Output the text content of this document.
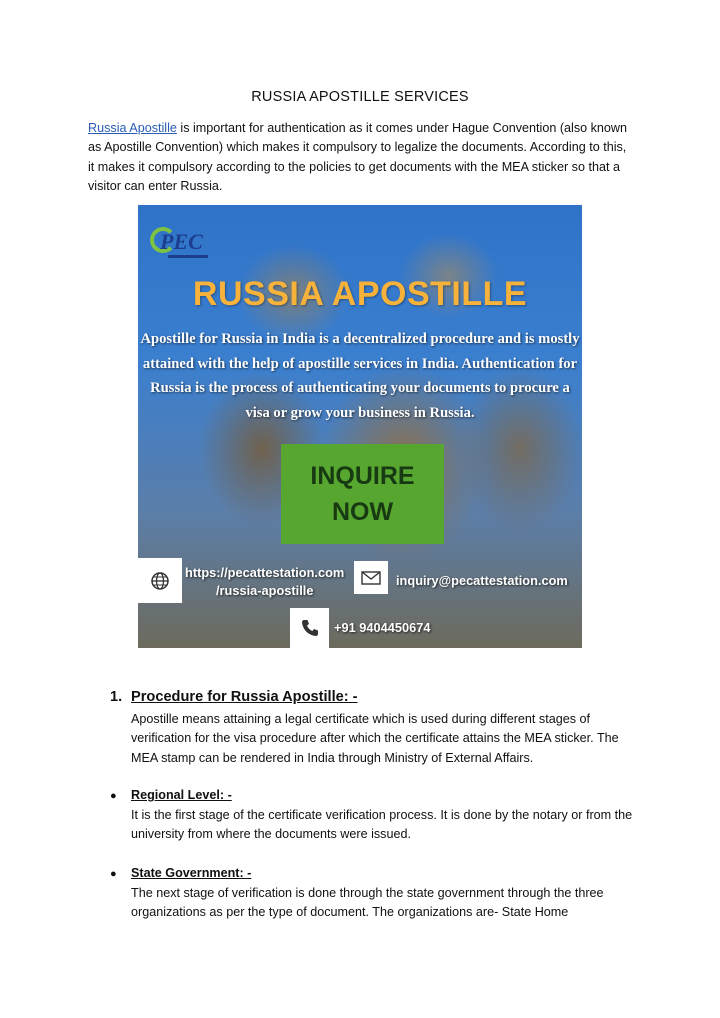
RUSSIA APOSTILLE SERVICES
Russia Apostille is important for authentication as it comes under Hague Convention (also known as Apostille Convention) which makes it compulsory to legalize the documents. According to this, it makes it compulsory according to the policies to get documents with the MEA sticker so that a visitor can enter Russia.
PEC
RUSSIA APOSTILLE
Apostille for Russia in India is a decentralized procedure and is mostly attained with the help of apostille services in India. Authentication for Russia is the process of authenticating your documents to procure a visa or grow your business in Russia.
INQUIRE
NOW
https://pecattestation.com
/russia-apostille
inquiry@pecattestation.com
+91 9404450674
1. Procedure for Russia Apostille: -
Apostille means attaining a legal certificate which is used during different stages of verification for the visa procedure after which the certificate attains the MEA sticker. The MEA stamp can be rendered in India through Ministry of External Affairs.
● Regional Level: -
It is the first stage of the certificate verification process. It is done by the notary or from the university from where the documents were issued.
● State Government: -
The next stage of verification is done through the state government through the three organizations as per the type of document. The organizations are- State Home
